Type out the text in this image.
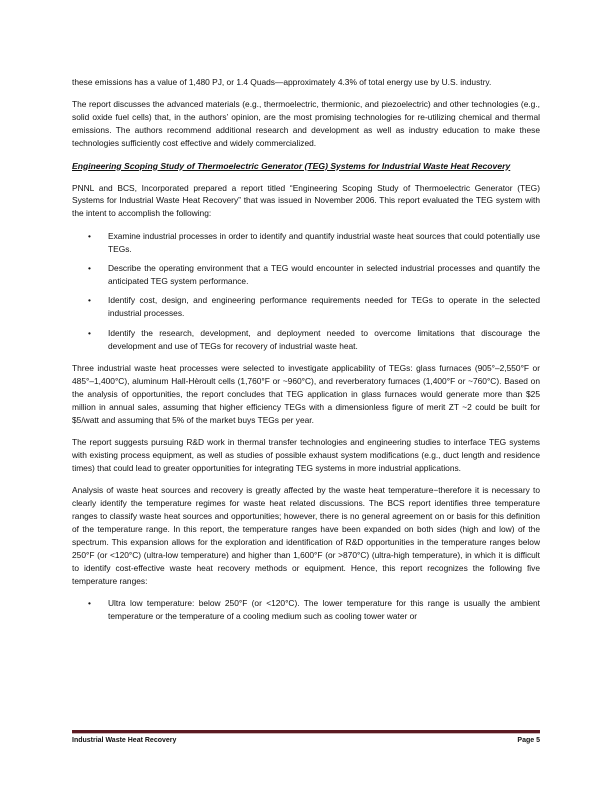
these emissions has a value of 1,480 PJ, or 1.4 Quads—approximately 4.3% of total energy use by U.S. industry.

The report discusses the advanced materials (e.g., thermoelectric, thermionic, and piezoelectric) and other technologies (e.g., solid oxide fuel cells) that, in the authors’ opinion, are the most promising technologies for re-utilizing chemical and thermal emissions. The authors recommend additional research and development as well as industry education to make these technologies sufficiently cost effective and widely commercialized.

Engineering Scoping Study of Thermoelectric Generator (TEG) Systems for Industrial Waste Heat Recovery

PNNL and BCS, Incorporated prepared a report titled “Engineering Scoping Study of Thermoelectric Generator (TEG) Systems for Industrial Waste Heat Recovery” that was issued in November 2006. This report evaluated the TEG system with the intent to accomplish the following:

• Examine industrial processes in order to identify and quantify industrial waste heat sources that could potentially use TEGs.

• Describe the operating environment that a TEG would encounter in selected industrial processes and quantify the anticipated TEG system performance.

• Identify cost, design, and engineering performance requirements needed for TEGs to operate in the selected industrial processes.

• Identify the research, development, and deployment needed to overcome limitations that discourage the development and use of TEGs for recovery of industrial waste heat.

Three industrial waste heat processes were selected to investigate applicability of TEGs: glass furnaces (905°–2,550°F or 485°–1,400°C), aluminum Hall-Hèroult cells (1,760°F or ~960°C), and reverberatory furnaces (1,400°F or ~760°C). Based on the analysis of opportunities, the report concludes that TEG application in glass furnaces would generate more than $25 million in annual sales, assuming that higher efficiency TEGs with a dimensionless figure of merit ZT ~2 could be built for $5/watt and assuming that 5% of the market buys TEGs per year.

The report suggests pursuing R&D work in thermal transfer technologies and engineering studies to interface TEG systems with existing process equipment, as well as studies of possible exhaust system modifications (e.g., duct length and residence times) that could lead to greater opportunities for integrating TEG systems in more industrial applications.

Analysis of waste heat sources and recovery is greatly affected by the waste heat temperature−therefore it is necessary to clearly identify the temperature regimes for waste heat related discussions. The BCS report identifies three temperature ranges to classify waste heat sources and opportunities; however, there is no general agreement on or basis for this definition of the temperature range. In this report, the temperature ranges have been expanded on both sides (high and low) of the spectrum. This expansion allows for the exploration and identification of R&D opportunities in the temperature ranges below 250°F (or <120°C) (ultra-low temperature) and higher than 1,600°F (or >870°C) (ultra-high temperature), in which it is difficult to identify cost-effective waste heat recovery methods or equipment. Hence, this report recognizes the following five temperature ranges:

• Ultra low temperature: below 250°F (or <120°C). The lower temperature for this range is usually the ambient temperature or the temperature of a cooling medium such as cooling tower water or

Industrial Waste Heat Recovery	Page 5
